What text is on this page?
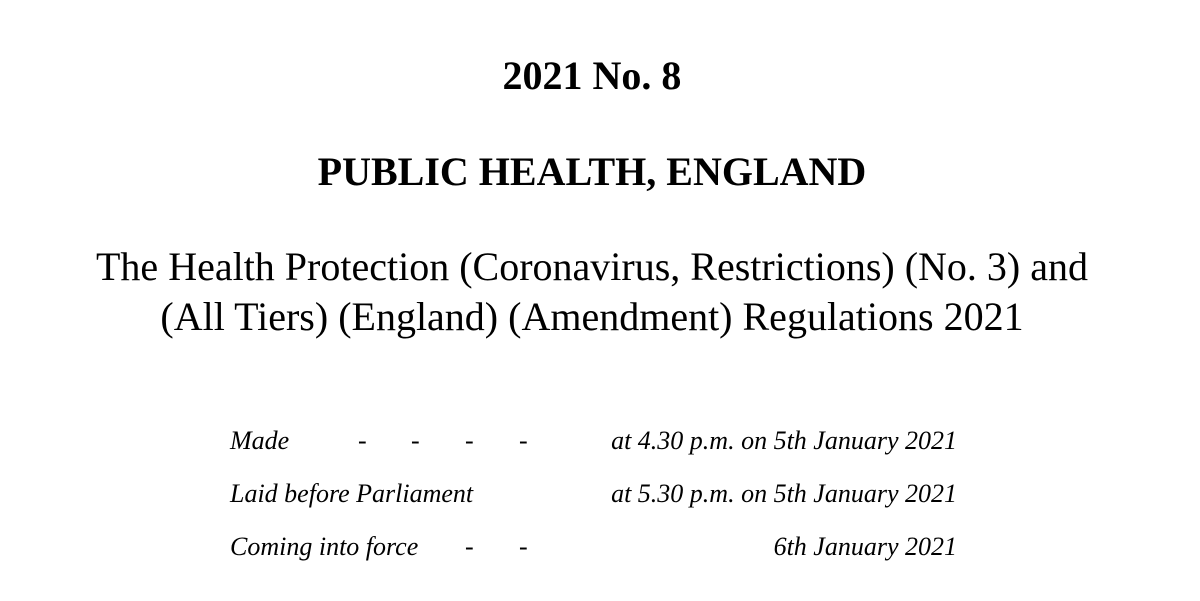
2021 No. 8
PUBLIC HEALTH, ENGLAND
The Health Protection (Coronavirus, Restrictions) (No. 3) and
(All Tiers) (England) (Amendment) Regulations 2021
Made	- - - -	at 4.30 p.m. on 5th January 2021
Laid before Parliament	at 5.30 p.m. on 5th January 2021
Coming into force - -	6th January 2021
